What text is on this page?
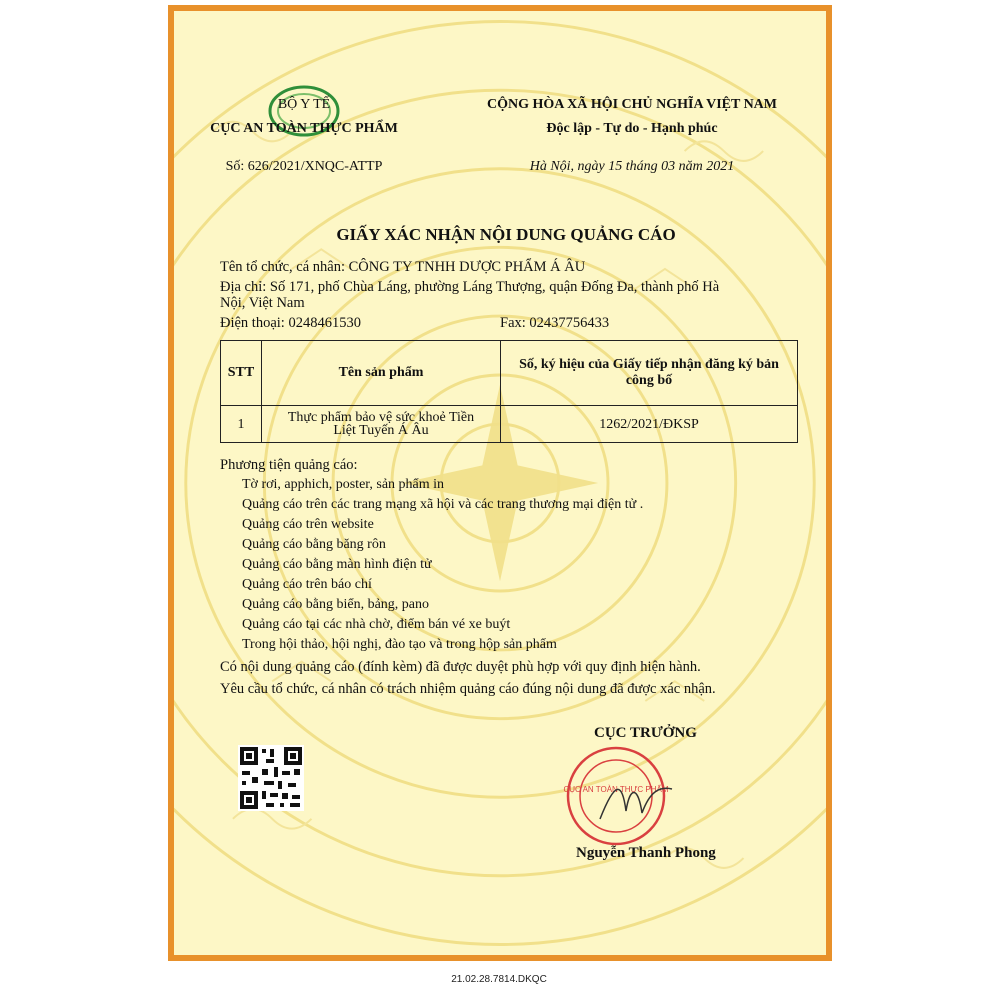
BỘ Y TẾ
CỤC AN TOÀN THỰC PHẨM
Số: 626/2021/XNQC-ATTP
CỘNG HÒA XÃ HỘI CHỦ NGHĨA VIỆT NAM
Độc lập - Tự do - Hạnh phúc
Hà Nội, ngày 15 tháng 03 năm 2021
GIẤY XÁC NHẬN NỘI DUNG QUẢNG CÁO
Tên tổ chức, cá nhân: CÔNG TY TNHH DƯỢC PHẨM Á ÂU
Địa chỉ: Số 171, phố Chùa Láng, phường Láng Thượng, quận Đống Đa, thành phố Hà
Nội, Việt Nam
Điện thoại: 0248461530	Fax: 02437756433
STT	Tên sản phẩm	Số, ký hiệu của Giấy tiếp nhận đăng ký bản
công bố
1	Thực phẩm bảo vệ sức khoẻ Tiền
Liệt Tuyến Á Âu	1262/2021/ĐKSP
Phương tiện quảng cáo:
Tờ rơi, apphich, poster, sản phẩm in
Quảng cáo trên các trang mạng xã hội và các trang thương mại điện tử .
Quảng cáo trên website
Quảng cáo bằng băng rôn
Quảng cáo bằng màn hình điện tử
Quảng cáo trên báo chí
Quảng cáo bằng biển, bảng, pano
Quảng cáo tại các nhà chờ, điểm bán vé xe buýt
Trong hội thảo, hội nghị, đào tạo và trong hộp sản phẩm
Có nội dung quảng cáo (đính kèm) đã được duyệt phù hợp với quy định hiện hành.
Yêu cầu tổ chức, cá nhân có trách nhiệm quảng cáo đúng nội dung đã được xác nhận.
CỤC TRƯỞNG
CỤC AN TOÀN THỰC PHẨM
Nguyễn Thanh Phong
21.02.28.7814.DKQC
